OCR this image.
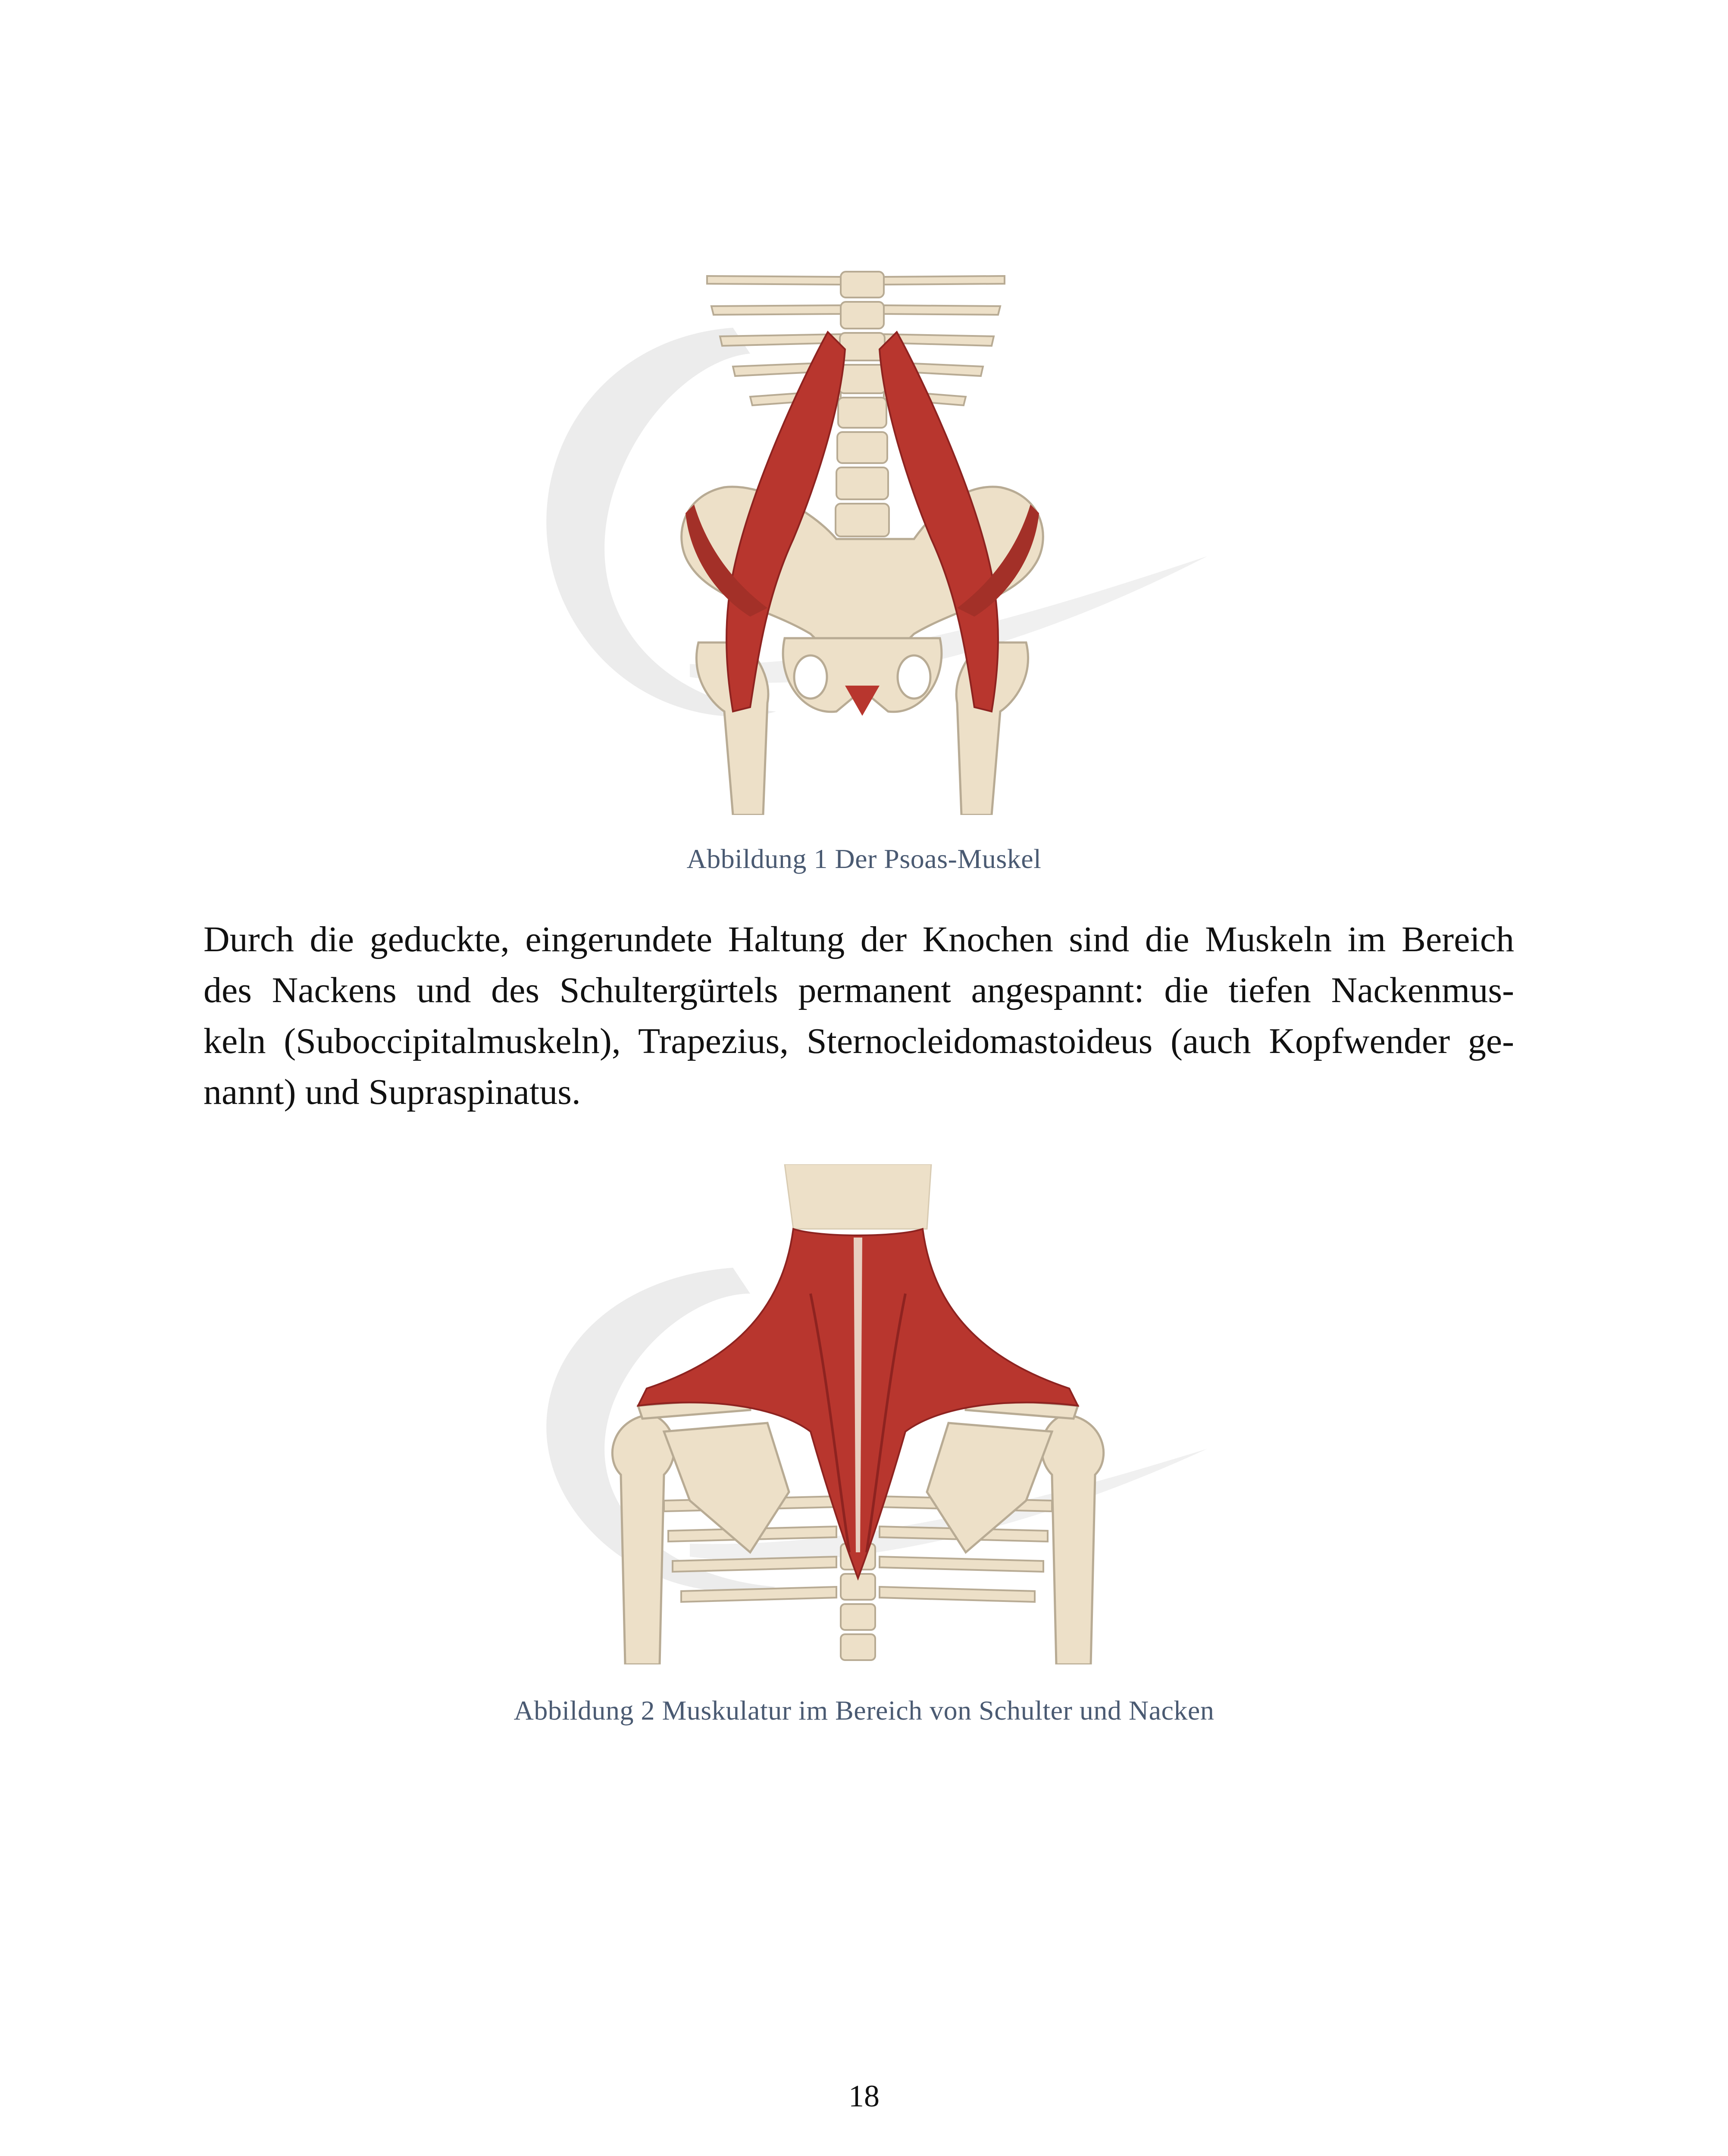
Abbildung 1 Der Psoas-Muskel
Durch die geduckte, eingerundete Haltung der Knochen sind die Muskeln im Bereich
des Nackens und des Schultergürtels permanent angespannt: die tiefen Nackenmus-
keln (Suboccipitalmuskeln), Trapezius, Sternocleidomastoideus (auch Kopfwender ge-
nannt) und Supraspinatus.
Abbildung 2 Muskulatur im Bereich von Schulter und Nacken
18
